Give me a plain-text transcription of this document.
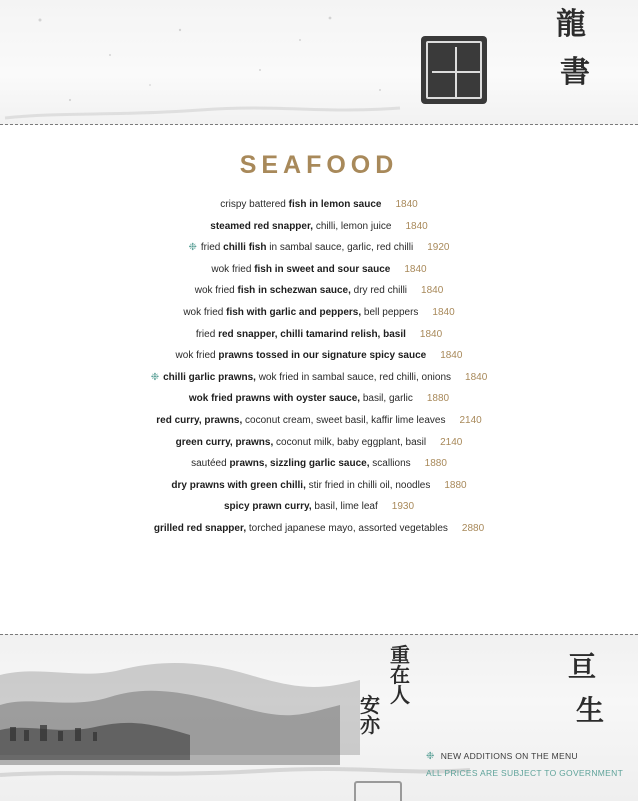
龍
書
SEAFOOD
crispy battered fish in lemon sauce 1840
steamed red snapper, chilli, lemon juice 1840
❉ fried chilli fish in sambal sauce, garlic, red chilli 1920
wok fried fish in sweet and sour sauce 1840
wok fried fish in schezwan sauce, dry red chilli 1840
wok fried fish with garlic and peppers, bell peppers 1840
fried red snapper, chilli tamarind relish, basil 1840
wok fried prawns tossed in our signature spicy sauce 1840
❉ chilli garlic prawns, wok fried in sambal sauce, red chilli, onions 1840
wok fried prawns with oyster sauce, basil, garlic 1880
red curry, prawns, coconut cream, sweet basil, kaffir lime leaves 2140
green curry, prawns, coconut milk, baby eggplant, basil 2140
sautéed prawns, sizzling garlic sauce, scallions 1880
dry prawns with green chilli, stir fried in chilli oil, noodles 1880
spicy prawn curry, basil, lime leaf 1930
grilled red snapper, torched japanese mayo, assorted vegetables 2880
重
在
人
安
亦
亘
生
❉ NEW ADDITIONS ON THE MENU
ALL PRICES ARE SUBJECT TO GOVERNMENT
